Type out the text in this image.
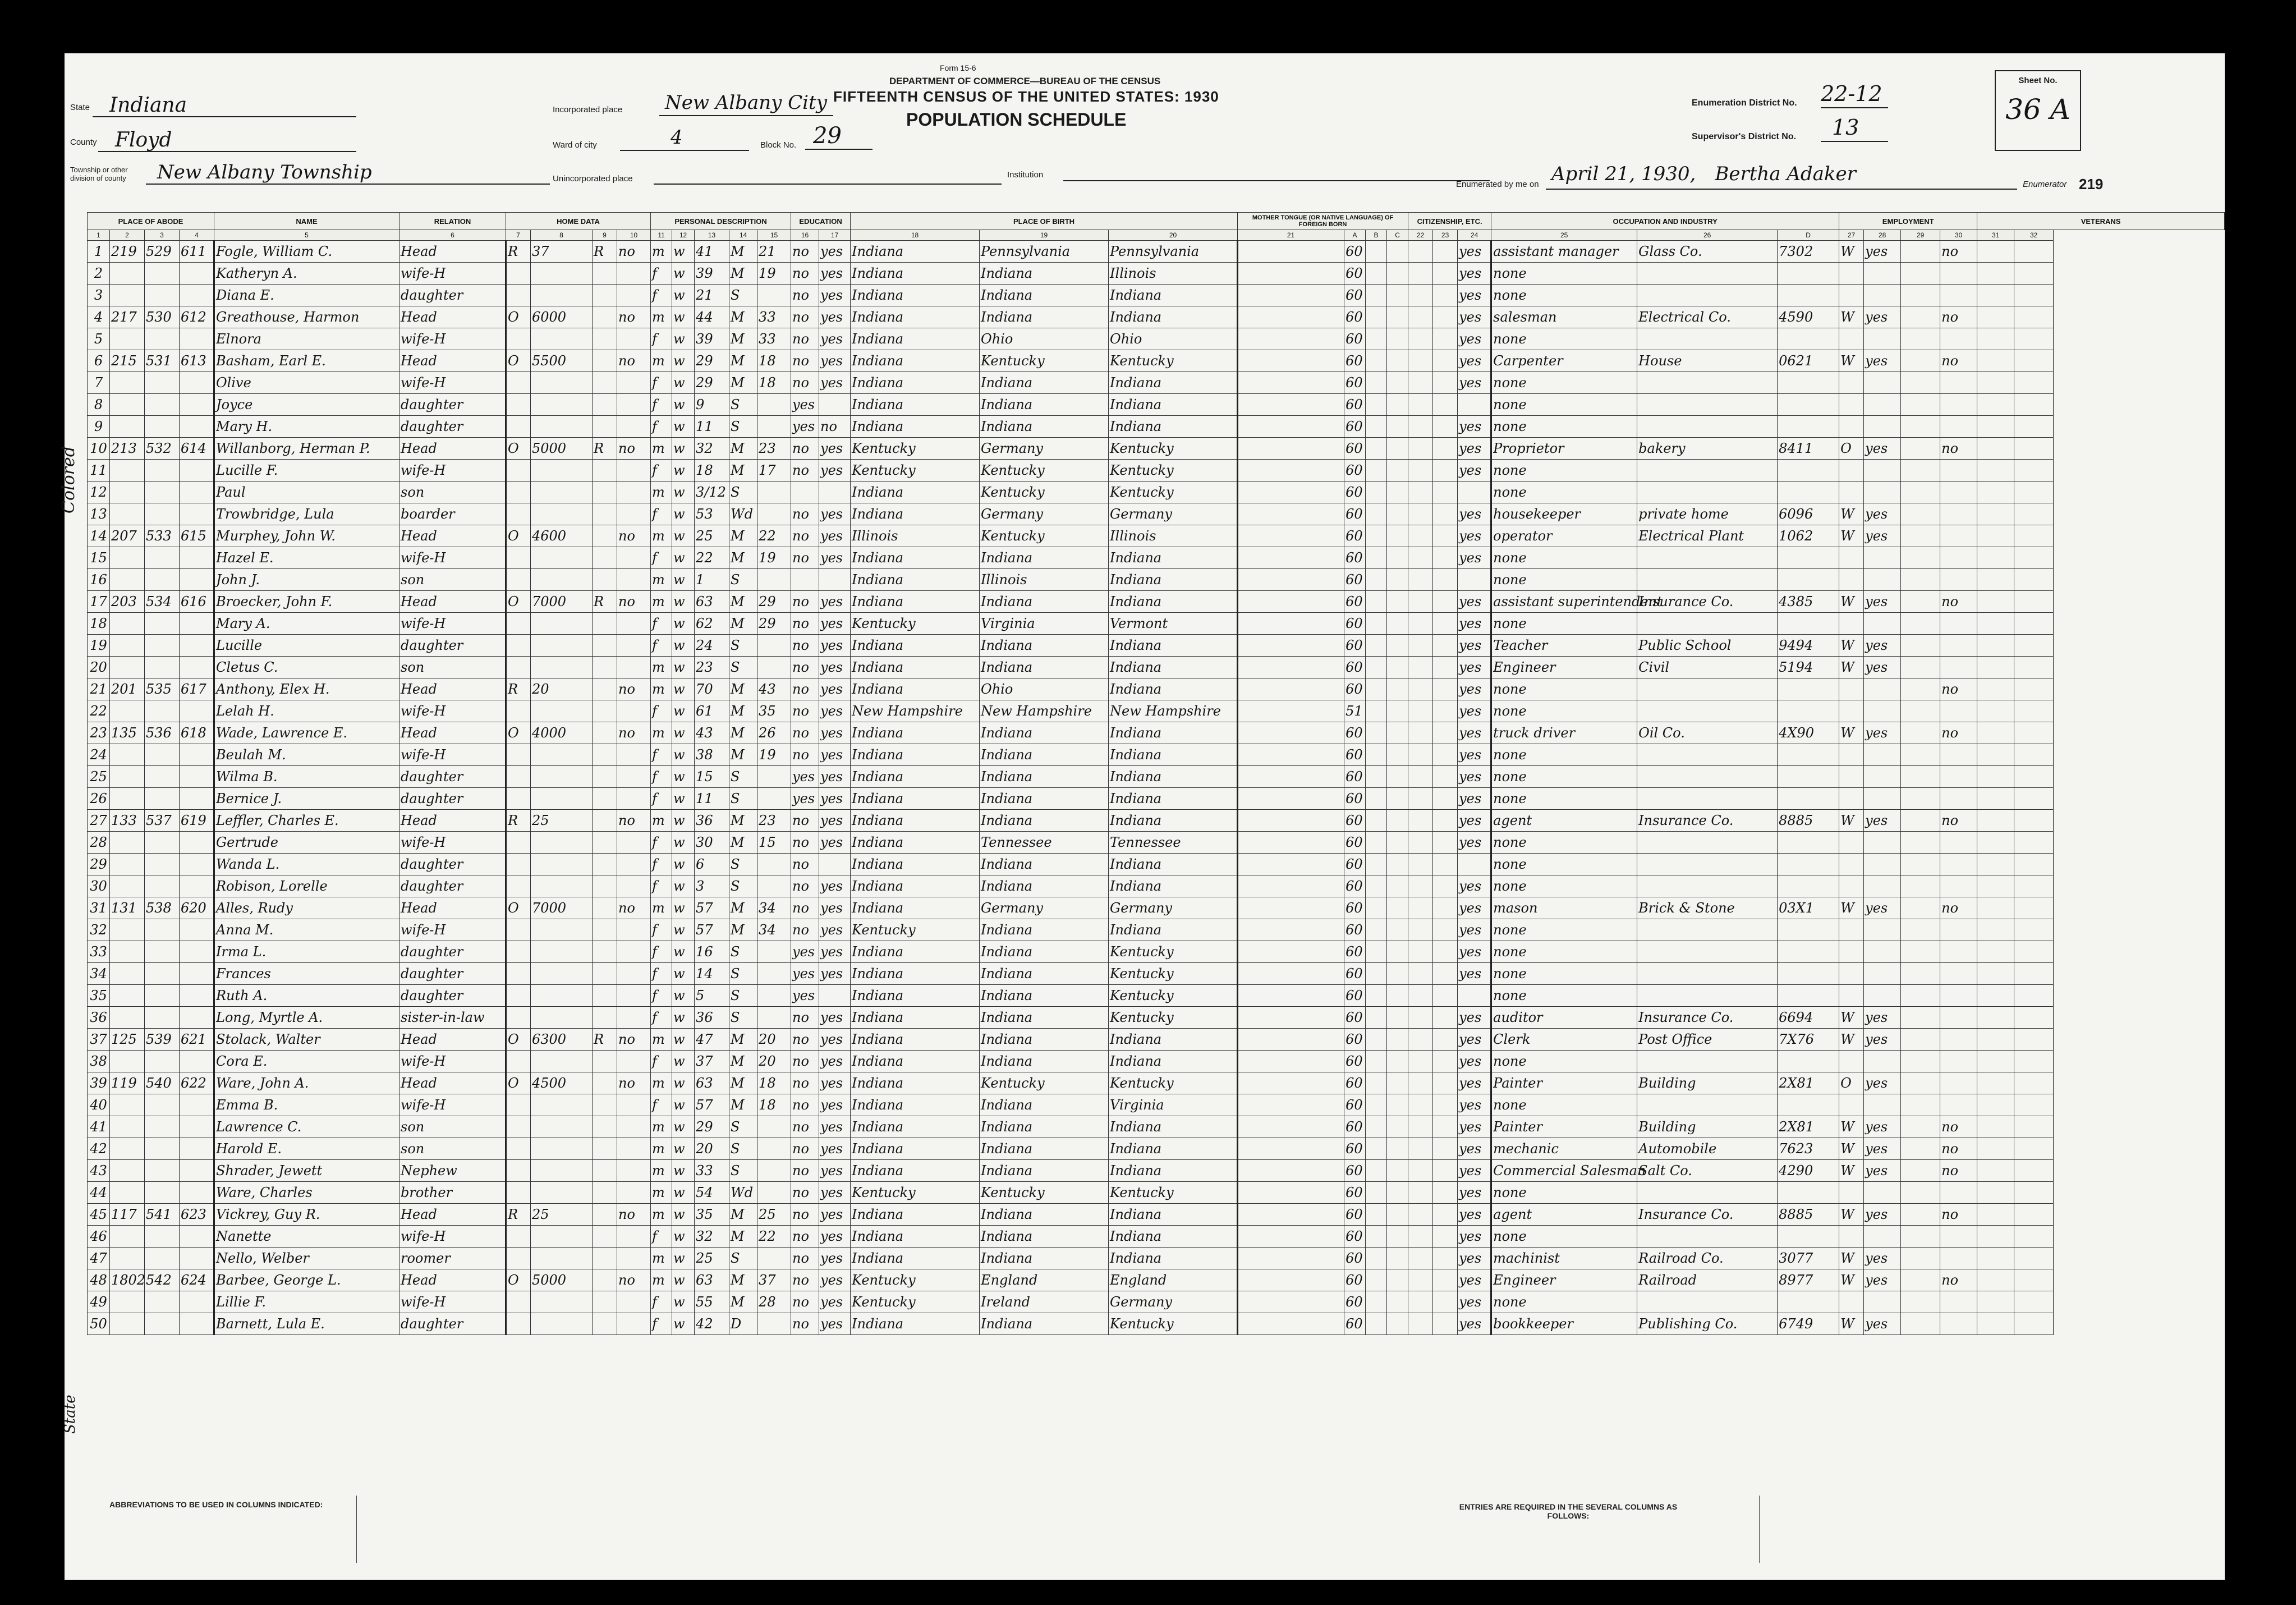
Form 15-6
DEPARTMENT OF COMMERCE—BUREAU OF THE CENSUS
FIFTEENTH CENSUS OF THE UNITED STATES: 1930
POPULATION SCHEDULE
State Indiana
County Floyd
Township or other division of county	New Albany Township
Incorporated place New Albany City
Ward of city	4	Block No. 29
Unincorporated place	Institution
Enumeration District No. 22-12
Supervisor's District No.	13
Sheet No.
36 A
Enumerated by me on April 21, 1930, Bertha Adaker	Enumerator 219
Colored
State
PLACE OF ABODE				NAME	RELATION	HOME DATA				PERSONAL DESCRIPTION					EDUCATION		PLACE OF BIRTH			MOTHER TONGUE (OR NATIVE LANGUAGE) OF FOREIGN BORN				CITIZENSHIP, ETC.			OCCUPATION AND INDUSTRY			EMPLOYMENT				VETERANS	
1	2	3	4	5	6	7	8	9	10	11	12	13	14	15	16	17	18	19	20	21	A	B	C	22	23	24	25	26	D	27	28	29	30	31	32
1	219	529	611	Fogle, William C.	Head	R	37	R	no	m	w	41	M	21	no	yes	Indiana	Pennsylvania	Pennsylvania		60					yes	assistant manager	Glass Co.	7302	W	yes		no		
2				Katheryn A.	wife-H					f	w	39	M	19	no	yes	Indiana	Indiana	Illinois		60					yes	none								
3				Diana E.	daughter					f	w	21	S		no	yes	Indiana	Indiana	Indiana		60					yes	none								
4	217	530	612	Greathouse, Harmon	Head	O	6000		no	m	w	44	M	33	no	yes	Indiana	Indiana	Indiana		60					yes	salesman	Electrical Co.	4590	W	yes		no		
5				Elnora	wife-H					f	w	39	M	33	no	yes	Indiana	Ohio	Ohio		60					yes	none								
6	215	531	613	Basham, Earl E.	Head	O	5500		no	m	w	29	M	18	no	yes	Indiana	Kentucky	Kentucky		60					yes	Carpenter	House	0621	W	yes		no		
7				Olive	wife-H					f	w	29	M	18	no	yes	Indiana	Indiana	Indiana		60					yes	none								
8				Joyce	daughter					f	w	9	S		yes		Indiana	Indiana	Indiana		60						none								
9				Mary H.	daughter					f	w	11	S		yes	no	Indiana	Indiana	Indiana		60					yes	none								
10	213	532	614	Willanborg, Herman P.	Head	O	5000	R	no	m	w	32	M	23	no	yes	Kentucky	Germany	Kentucky		60					yes	Proprietor	bakery	8411	O	yes		no		
11				Lucille F.	wife-H					f	w	18	M	17	no	yes	Kentucky	Kentucky	Kentucky		60					yes	none								
12				Paul	son					m	w	3/12	S				Indiana	Kentucky	Kentucky		60						none								
13				Trowbridge, Lula	boarder					f	w	53	Wd		no	yes	Indiana	Germany	Germany		60					yes	housekeeper	private home	6096	W	yes				
14	207	533	615	Murphey, John W.	Head	O	4600		no	m	w	25	M	22	no	yes	Illinois	Kentucky	Illinois		60					yes	operator	Electrical Plant	1062	W	yes				
15				Hazel E.	wife-H					f	w	22	M	19	no	yes	Indiana	Indiana	Indiana		60					yes	none								
16				John J.	son					m	w	1	S				Indiana	Illinois	Indiana		60						none								
17	203	534	616	Broecker, John F.	Head	O	7000	R	no	m	w	63	M	29	no	yes	Indiana	Indiana	Indiana		60					yes	assistant superintendent	Insurance Co.	4385	W	yes		no		
18				Mary A.	wife-H					f	w	62	M	29	no	yes	Kentucky	Virginia	Vermont		60					yes	none								
19				Lucille	daughter					f	w	24	S		no	yes	Indiana	Indiana	Indiana		60					yes	Teacher	Public School	9494	W	yes				
20				Cletus C.	son					m	w	23	S		no	yes	Indiana	Indiana	Indiana		60					yes	Engineer	Civil	5194	W	yes				
21	201	535	617	Anthony, Elex H.	Head	R	20		no	m	w	70	M	43	no	yes	Indiana	Ohio	Indiana		60					yes	none						no		
22				Lelah H.	wife-H					f	w	61	M	35	no	yes	New Hampshire	New Hampshire	New Hampshire		51					yes	none								
23	135	536	618	Wade, Lawrence E.	Head	O	4000		no	m	w	43	M	26	no	yes	Indiana	Indiana	Indiana		60					yes	truck driver	Oil Co.	4X90	W	yes		no		
24				Beulah M.	wife-H					f	w	38	M	19	no	yes	Indiana	Indiana	Indiana		60					yes	none								
25				Wilma B.	daughter					f	w	15	S		yes	yes	Indiana	Indiana	Indiana		60					yes	none								
26				Bernice J.	daughter					f	w	11	S		yes	yes	Indiana	Indiana	Indiana		60					yes	none								
27	133	537	619	Leffler, Charles E.	Head	R	25		no	m	w	36	M	23	no	yes	Indiana	Indiana	Indiana		60					yes	agent	Insurance Co.	8885	W	yes		no		
28				Gertrude	wife-H					f	w	30	M	15	no	yes	Indiana	Tennessee	Tennessee		60					yes	none								
29				Wanda L.	daughter					f	w	6	S		no		Indiana	Indiana	Indiana		60						none								
30				Robison, Lorelle	daughter					f	w	3	S		no	yes	Indiana	Indiana	Indiana		60					yes	none								
31	131	538	620	Alles, Rudy	Head	O	7000		no	m	w	57	M	34	no	yes	Indiana	Germany	Germany		60					yes	mason	Brick & Stone	03X1	W	yes		no		
32				Anna M.	wife-H					f	w	57	M	34	no	yes	Kentucky	Indiana	Indiana		60					yes	none								
33				Irma L.	daughter					f	w	16	S		yes	yes	Indiana	Indiana	Kentucky		60					yes	none								
34				Frances	daughter					f	w	14	S		yes	yes	Indiana	Indiana	Kentucky		60					yes	none								
35				Ruth A.	daughter					f	w	5	S		yes		Indiana	Indiana	Kentucky		60						none								
36				Long, Myrtle A.	sister-in-law					f	w	36	S		no	yes	Indiana	Indiana	Kentucky		60					yes	auditor	Insurance Co.	6694	W	yes				
37	125	539	621	Stolack, Walter	Head	O	6300	R	no	m	w	47	M	20	no	yes	Indiana	Indiana	Indiana		60					yes	Clerk	Post Office	7X76	W	yes				
38				Cora E.	wife-H					f	w	37	M	20	no	yes	Indiana	Indiana	Indiana		60					yes	none								
39	119	540	622	Ware, John A.	Head	O	4500		no	m	w	63	M	18	no	yes	Indiana	Kentucky	Kentucky		60					yes	Painter	Building	2X81	O	yes				
40				Emma B.	wife-H					f	w	57	M	18	no	yes	Indiana	Indiana	Virginia		60					yes	none								
41				Lawrence C.	son					m	w	29	S		no	yes	Indiana	Indiana	Indiana		60					yes	Painter	Building	2X81	W	yes		no		
42				Harold E.	son					m	w	20	S		no	yes	Indiana	Indiana	Indiana		60					yes	mechanic	Automobile	7623	W	yes		no		
43				Shrader, Jewett	Nephew					m	w	33	S		no	yes	Indiana	Indiana	Indiana		60					yes	Commercial Salesman	Salt Co.	4290	W	yes		no		
44				Ware, Charles	brother					m	w	54	Wd		no	yes	Kentucky	Kentucky	Kentucky		60					yes	none								
45	117	541	623	Vickrey, Guy R.	Head	R	25		no	m	w	35	M	25	no	yes	Indiana	Indiana	Indiana		60					yes	agent	Insurance Co.	8885	W	yes		no		
46				Nanette	wife-H					f	w	32	M	22	no	yes	Indiana	Indiana	Indiana		60					yes	none								
47				Nello, Welber	roomer					m	w	25	S		no	yes	Indiana	Indiana	Indiana		60					yes	machinist	Railroad Co.	3077	W	yes				
48	1802	542	624	Barbee, George L.	Head	O	5000		no	m	w	63	M	37	no	yes	Kentucky	England	England		60					yes	Engineer	Railroad	8977	W	yes		no		
49				Lillie F.	wife-H					f	w	55	M	28	no	yes	Kentucky	Ireland	Germany		60					yes	none								
50				Barnett, Lula E.	daughter					f	w	42	D		no	yes	Indiana	Indiana	Kentucky		60					yes	bookkeeper	Publishing Co.	6749	W	yes				
ABBREVIATIONS TO BE USED IN COLUMNS INDICATED:	ENTRIES ARE REQUIRED IN THE SEVERAL COLUMNS AS FOLLOWS:
